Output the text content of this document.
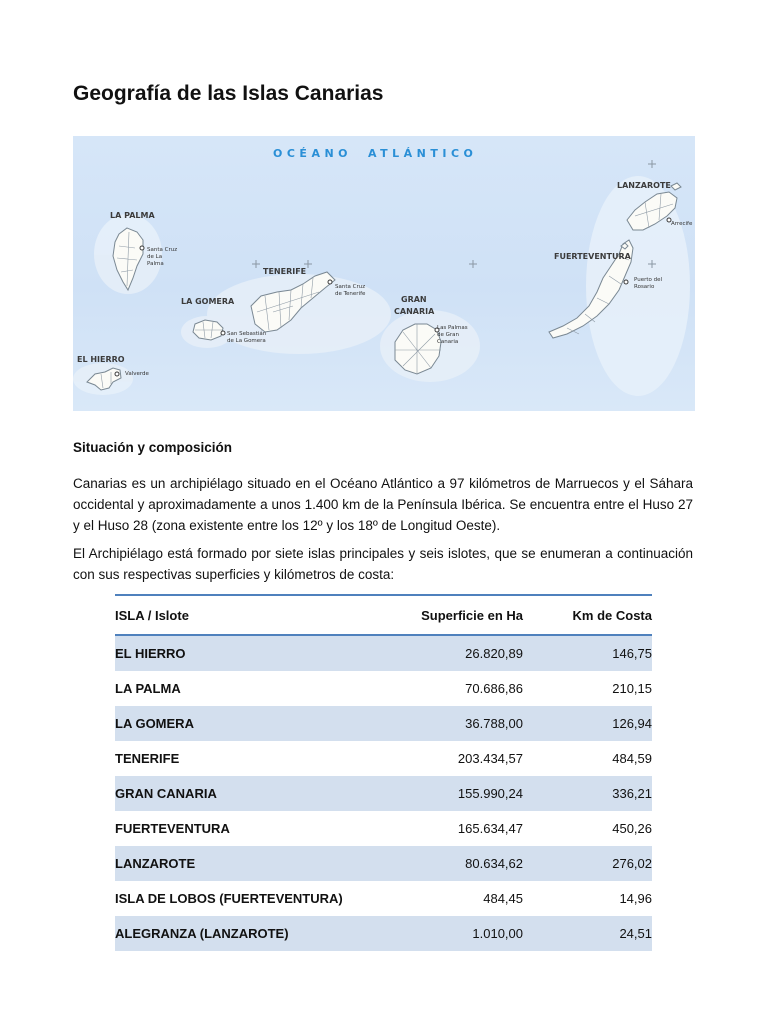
Geografía de las Islas Canarias
OCÉANO ATLÁNTICO
LA PALMA
EL HIERRO
LA GOMERA
TENERIFE
GRAN
CANARIA
FUERTEVENTURA
LANZAROTE
Santa Cruz
de La
Palma
Valverde
San Sebastián
de La Gomera
Santa Cruz
de Tenerife
Las Palmas
de Gran
Canaria
Puerto del
Rosario
Arrecife
Situación y composición

Canarias es un archipiélago situado en el Océano Atlántico a 97 kilómetros de Marruecos y el Sáhara occidental y aproximadamente a unos 1.400 km de la Península Ibérica. Se encuentra entre el Huso 27 y el Huso 28 (zona existente entre los 12º y los 18º de Longitud Oeste).

El Archipiélago está formado por siete islas principales y seis islotes, que se enumeran a continuación con sus respectivas superficies y kilómetros de costa:

ISLA / Islote	Superficie en Ha	Km de Costa
EL HIERRO	26.820,89	146,75
LA PALMA	70.686,86	210,15
LA GOMERA	36.788,00	126,94
TENERIFE	203.434,57	484,59
GRAN CANARIA	155.990,24	336,21
FUERTEVENTURA	165.634,47	450,26
LANZAROTE	80.634,62	276,02
ISLA DE LOBOS (FUERTEVENTURA)	484,45	14,96
ALEGRANZA (LANZAROTE)	1.010,00	24,51
